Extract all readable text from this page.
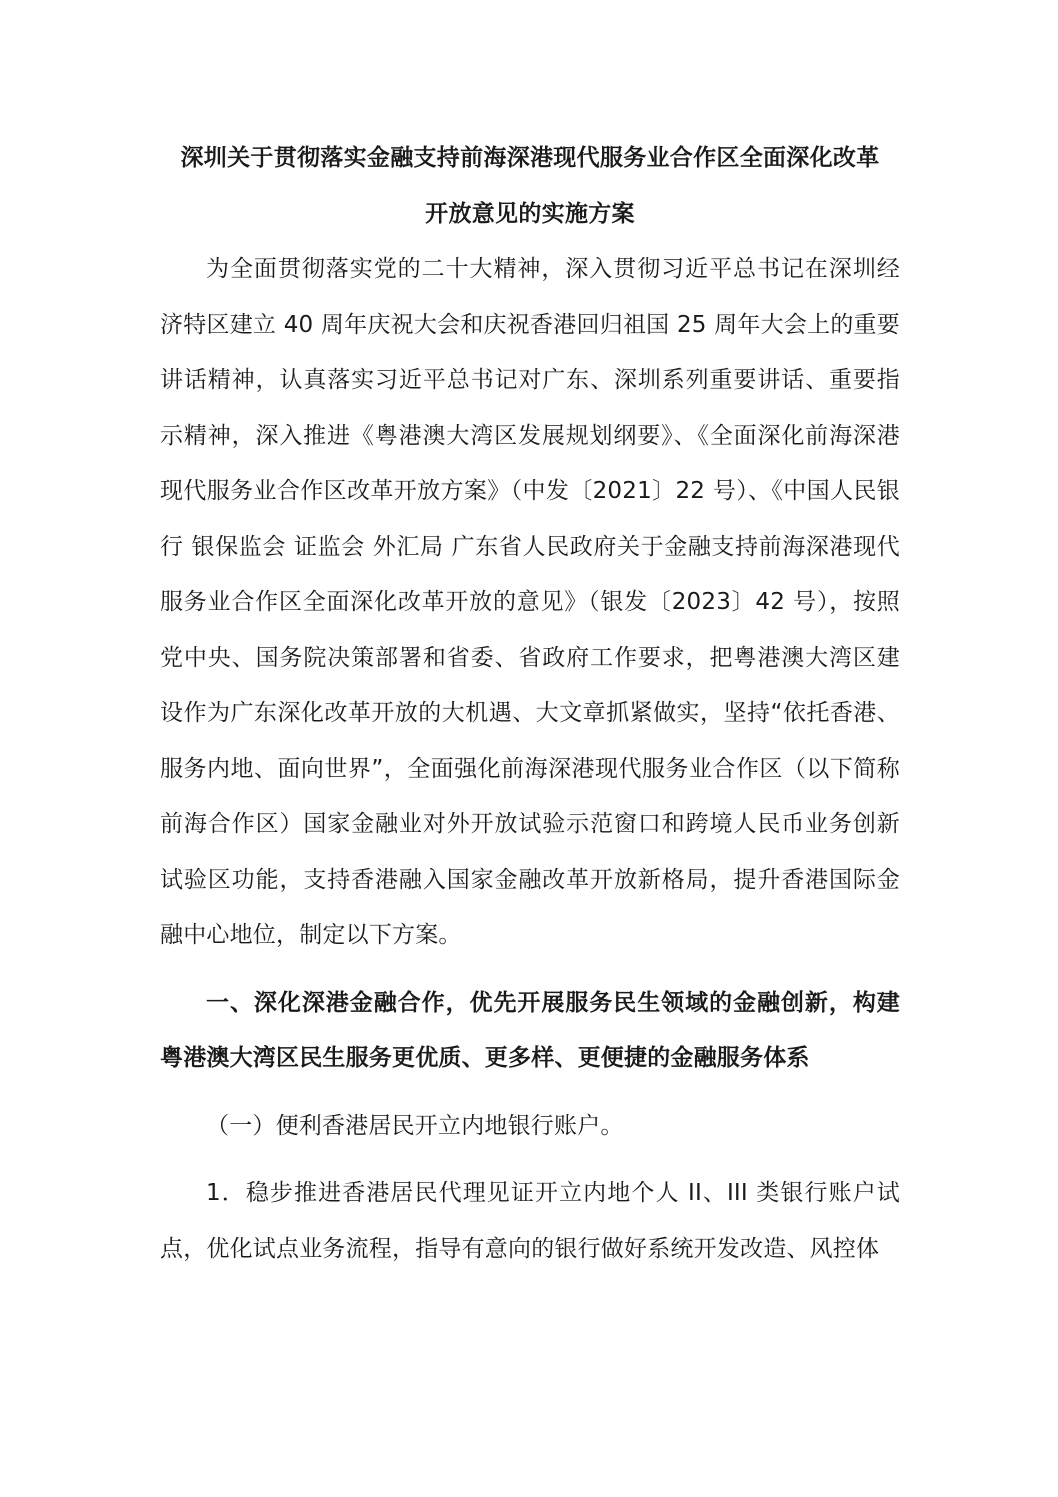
深圳关于贯彻落实金融支持前海深港现代服务业合作区全面深化改革
开放意见的实施方案

为全面贯彻落实党的二十大精神，深入贯彻习近平总书记在深圳经济特区建立 40 周年庆祝大会和庆祝香港回归祖国 25 周年大会上的重要讲话精神，认真落实习近平总书记对广东、深圳系列重要讲话、重要指示精神，深入推进《粤港澳大湾区发展规划纲要》、《全面深化前海深港现代服务业合作区改革开放方案》（中发〔2021〕22 号）、《中国人民银行 银保监会 证监会 外汇局 广东省人民政府关于金融支持前海深港现代服务业合作区全面深化改革开放的意见》（银发〔2023〕42 号），按照党中央、国务院决策部署和省委、省政府工作要求，把粤港澳大湾区建设作为广东深化改革开放的大机遇、大文章抓紧做实，坚持“依托香港、服务内地、面向世界”，全面强化前海深港现代服务业合作区（以下简称前海合作区）国家金融业对外开放试验示范窗口和跨境人民币业务创新试验区功能，支持香港融入国家金融改革开放新格局，提升香港国际金融中心地位，制定以下方案。

一、深化深港金融合作，优先开展服务民生领域的金融创新，构建粤港澳大湾区民生服务更优质、更多样、更便捷的金融服务体系

（一）便利香港居民开立内地银行账户。

1．稳步推进香港居民代理见证开立内地个人 II、III 类银行账户试点，优化试点业务流程，指导有意向的银行做好系统开发改造、风控体
